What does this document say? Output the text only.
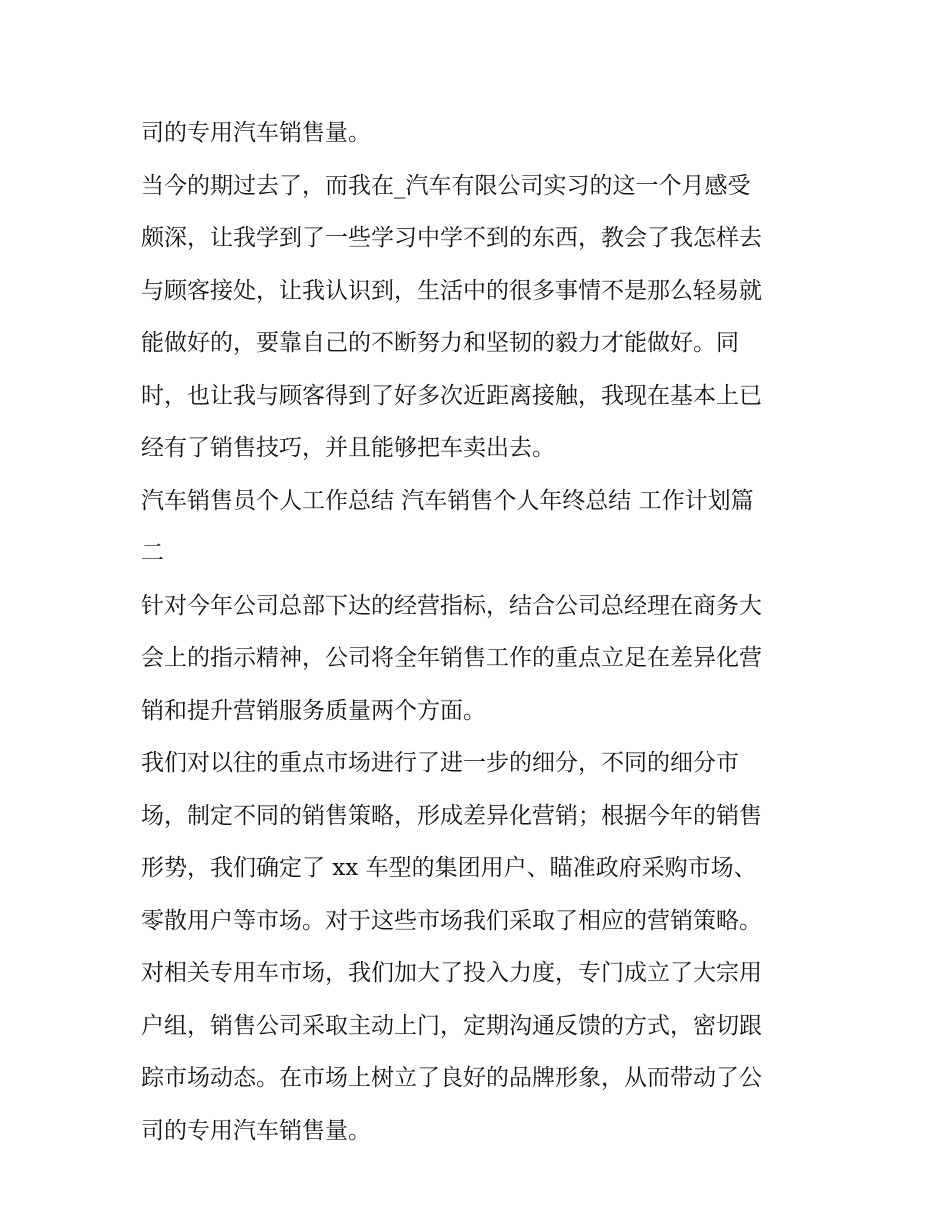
司的专用汽车销售量。
当今的期过去了，而我在_汽车有限公司实习的这一个月感受
颇深，让我学到了一些学习中学不到的东西，教会了我怎样去
与顾客接处，让我认识到，生活中的很多事情不是那么轻易就
能做好的，要靠自己的不断努力和坚韧的毅力才能做好。同
时，也让我与顾客得到了好多次近距离接触，我现在基本上已
经有了销售技巧，并且能够把车卖出去。
汽车销售员个人工作总结 汽车销售个人年终总结 工作计划篇
二
针对今年公司总部下达的经营指标，结合公司总经理在商务大
会上的指示精神，公司将全年销售工作的重点立足在差异化营
销和提升营销服务质量两个方面。
我们对以往的重点市场进行了进一步的细分，不同的细分市
场，制定不同的销售策略，形成差异化营销；根据今年的销售
形势，我们确定了 xx 车型的集团用户、瞄准政府采购市场、
零散用户等市场。对于这些市场我们采取了相应的营销策略。
对相关专用车市场，我们加大了投入力度，专门成立了大宗用
户组，销售公司采取主动上门，定期沟通反馈的方式，密切跟
踪市场动态。在市场上树立了良好的品牌形象，从而带动了公
司的专用汽车销售量。
